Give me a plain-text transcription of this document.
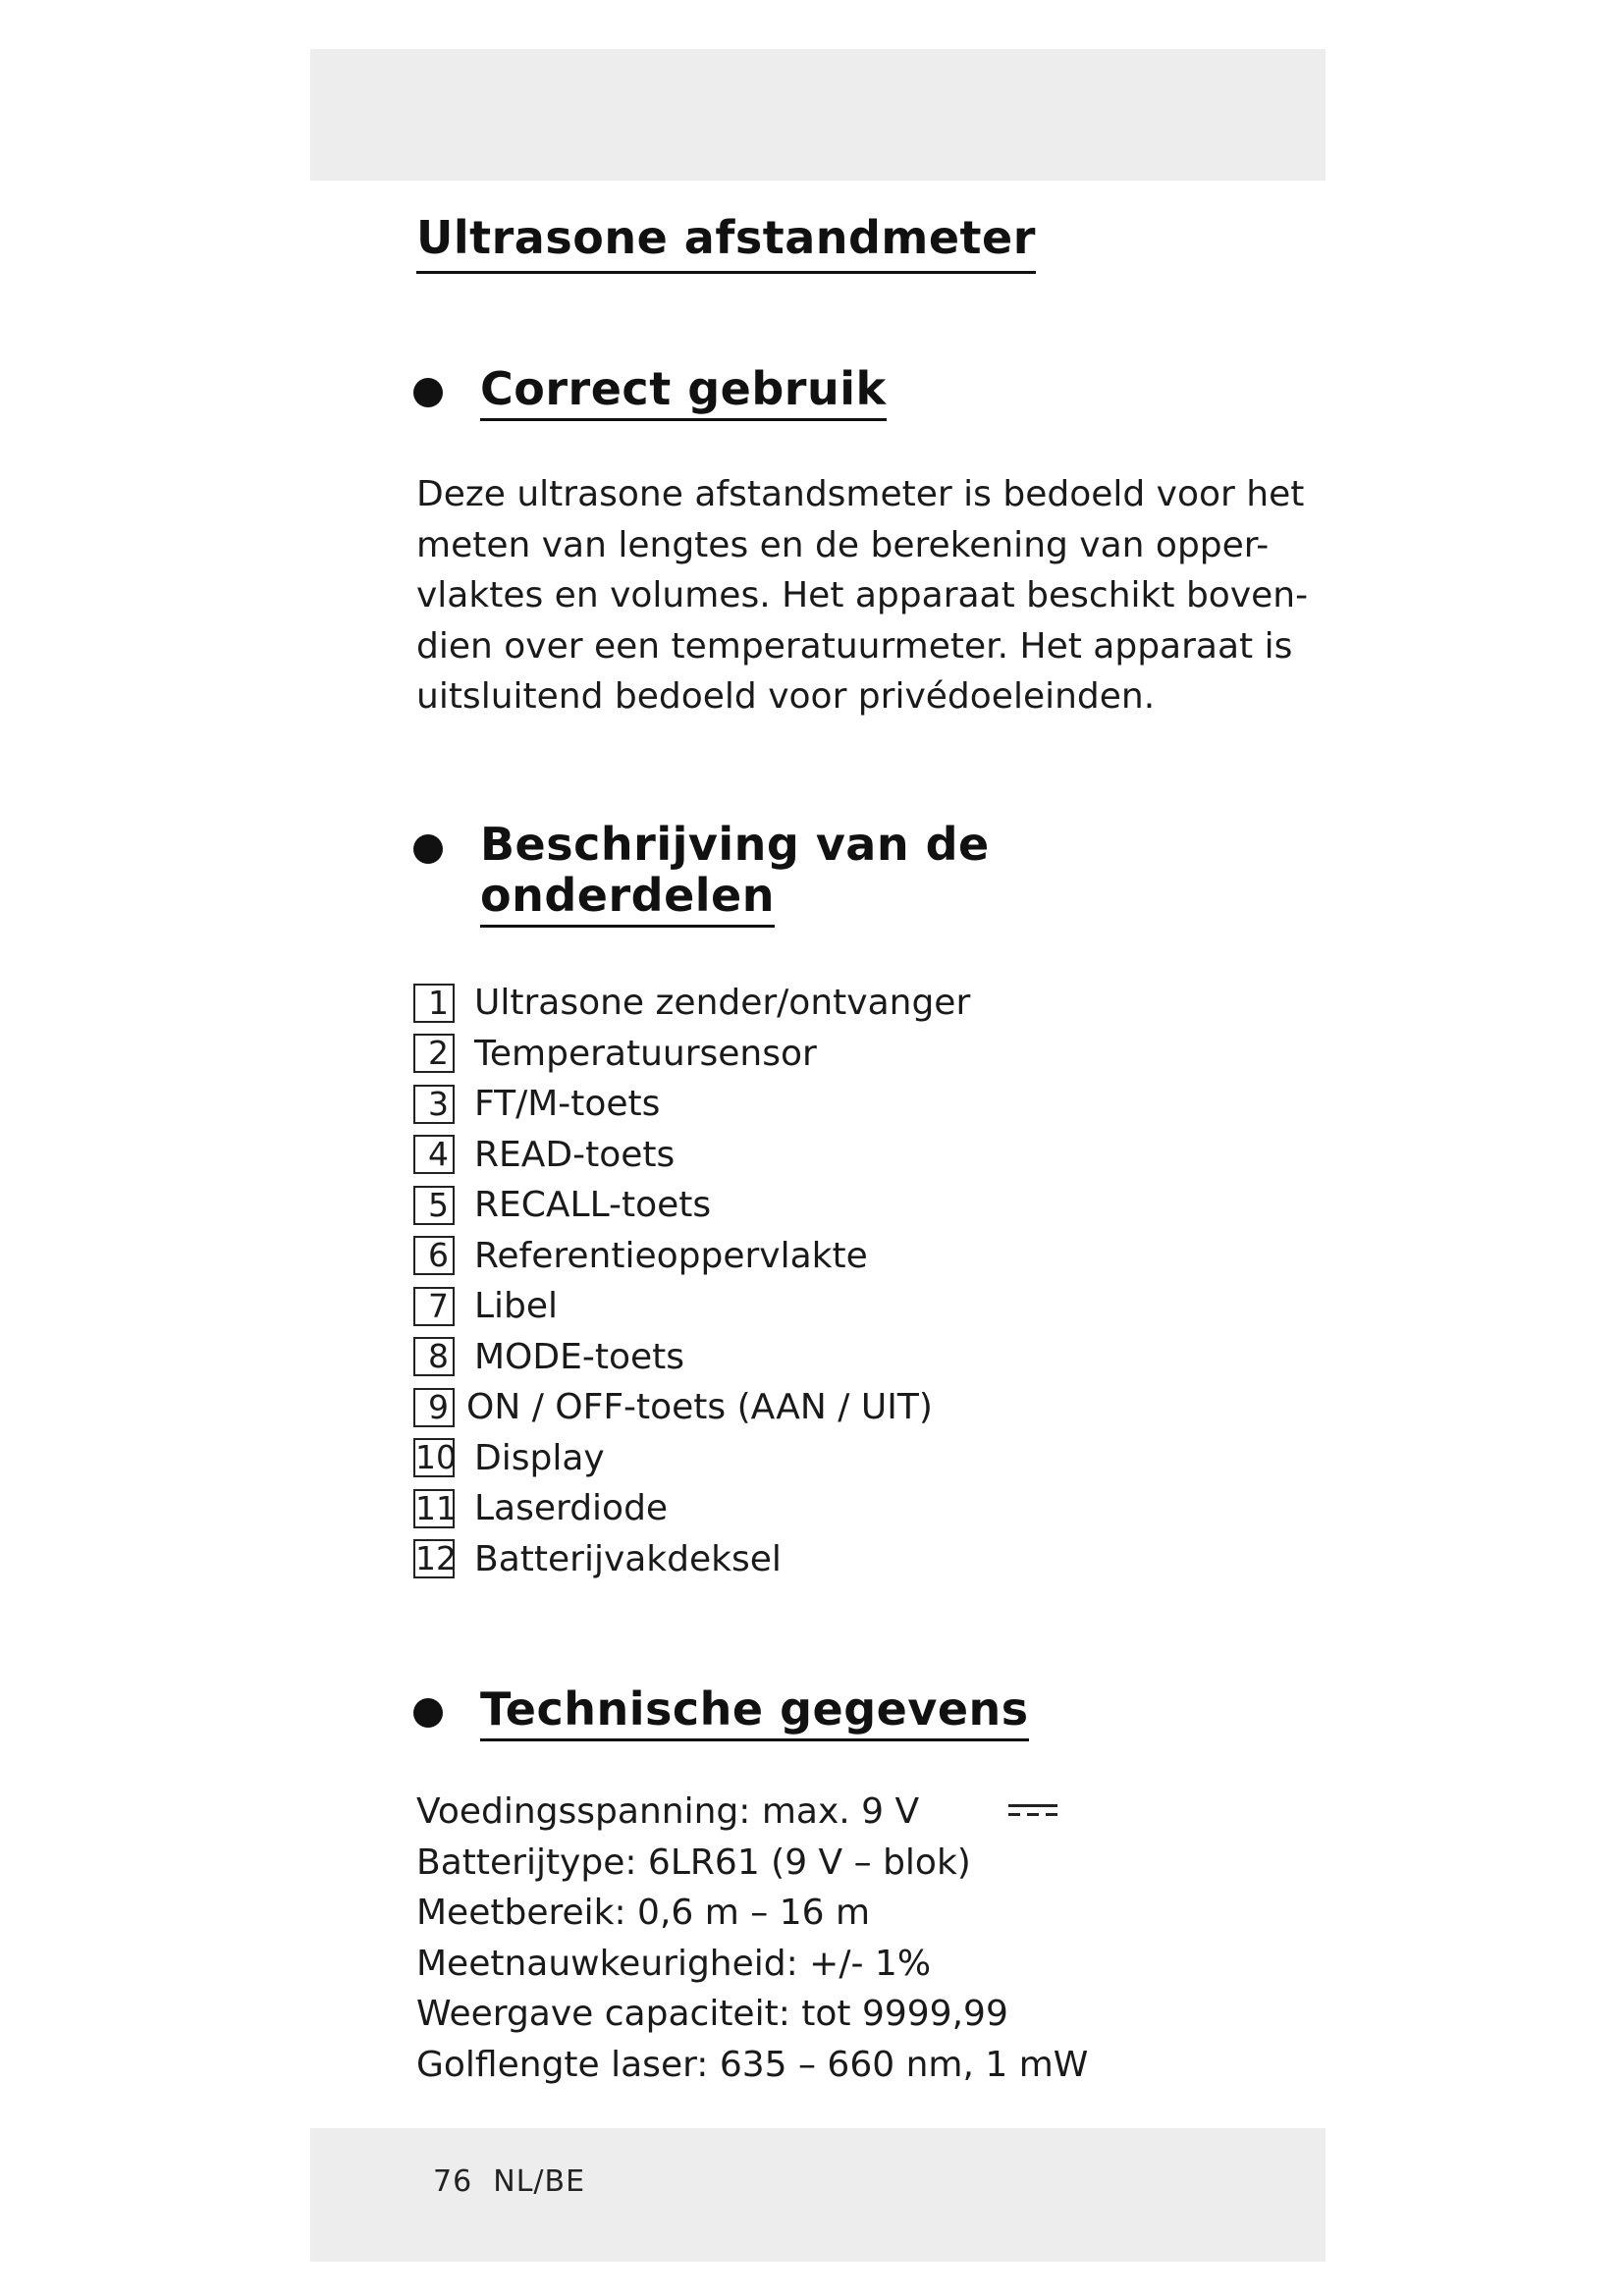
Ultrasone afstandmeter
Correct gebruik
Deze ultrasone afstandsmeter is bedoeld voor het
meten van lengtes en de berekening van opper-
vlaktes en volumes. Het apparaat beschikt boven-
dien over een temperatuurmeter. Het apparaat is
uitsluitend bedoeld voor privédoeleinden.
Beschrijving van de
onderdelen
1 Ultrasone zender/ontvanger
2 Temperatuursensor
3 FT/M-toets
4 READ-toets
5 RECALL-toets
6 Referentieoppervlakte
7 Libel
8 MODE-toets
9 ON / OFF-toets (AAN / UIT)
10 Display
11 Laserdiode
12 Batterijvakdeksel
Technische gegevens
Voedingsspanning: max. 9 V
Batterijtype: 6LR61 (9 V – blok)
Meetbereik: 0,6 m – 16 m
Meetnauwkeurigheid: +/- 1%
Weergave capaciteit: tot 9999,99
Golflengte laser: 635 – 660 nm, 1 mW
76 NL/BE
